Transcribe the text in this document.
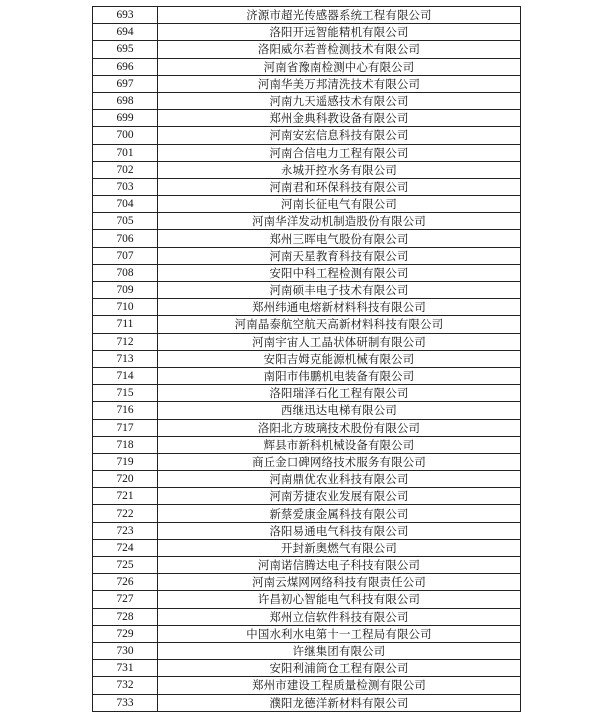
693	济源市超光传感器系统工程有限公司
694	洛阳开远智能精机有限公司
695	洛阳威尔若普检测技术有限公司
696	河南省豫南检测中心有限公司
697	河南华美万邦清洗技术有限公司
698	河南九天遥感技术有限公司
699	郑州金典科教设备有限公司
700	河南安宏信息科技有限公司
701	河南合信电力工程有限公司
702	永城开控水务有限公司
703	河南君和环保科技有限公司
704	河南长征电气有限公司
705	河南华洋发动机制造股份有限公司
706	郑州三晖电气股份有限公司
707	河南天星教育科技有限公司
708	安阳中科工程检测有限公司
709	河南硕丰电子技术有限公司
710	郑州纬通电熔新材料科技有限公司
711	河南晶泰航空航天高新材料科技有限公司
712	河南宇宙人工晶状体研制有限公司
713	安阳吉姆克能源机械有限公司
714	南阳市伟鹏机电装备有限公司
715	洛阳瑞泽石化工程有限公司
716	西继迅达电梯有限公司
717	洛阳北方玻璃技术股份有限公司
718	辉县市新科机械设备有限公司
719	商丘金口碑网络技术服务有限公司
720	河南鼎优农业科技有限公司
721	河南芳捷农业发展有限公司
722	新蔡爱康金属科技有限公司
723	洛阳易通电气科技有限公司
724	开封新奥燃气有限公司
725	河南诺信腾达电子科技有限公司
726	河南云煤网网络科技有限责任公司
727	许昌初心智能电气科技有限公司
728	郑州立信软件科技有限公司
729	中国水利水电第十一工程局有限公司
730	许继集团有限公司
731	安阳利浦筒仓工程有限公司
732	郑州市建设工程质量检测有限公司
733	濮阳龙德洋新材料有限公司
